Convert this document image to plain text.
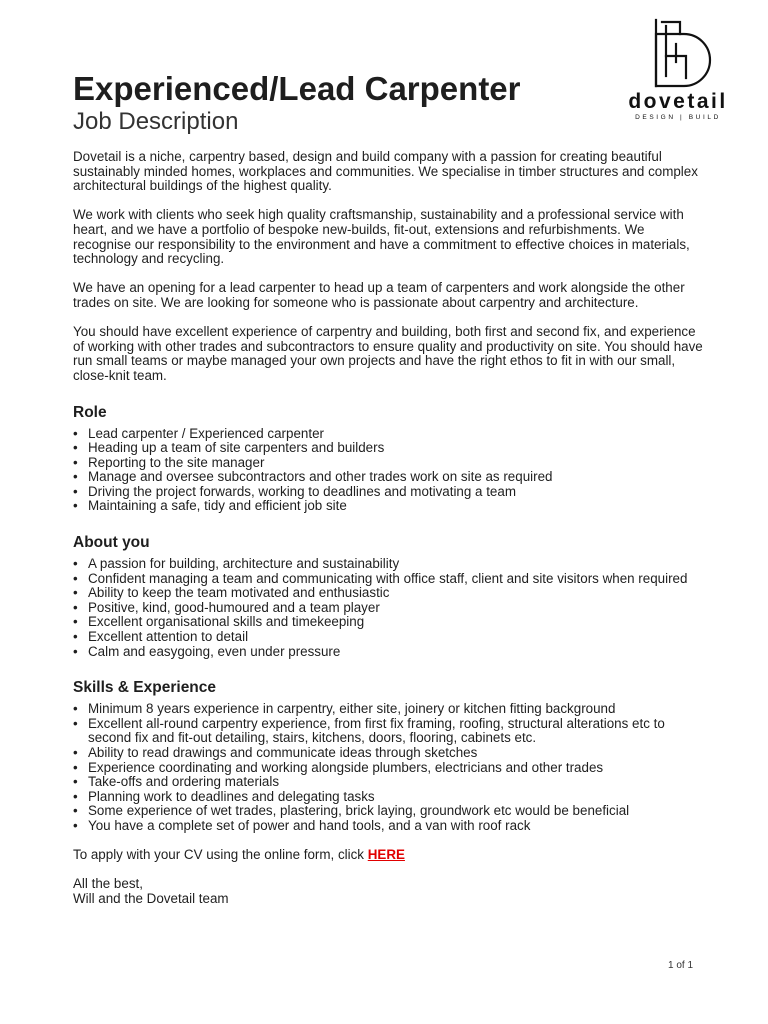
Experienced/Lead Carpenter
Job Description

Dovetail is a niche, carpentry based, design and build company with a passion for creating beautiful sustainably minded homes, workplaces and communities. We specialise in timber structures and complex architectural buildings of the highest quality.

We work with clients who seek high quality craftsmanship, sustainability and a professional service with heart, and we have a portfolio of bespoke new-builds, fit-out, extensions and refurbishments. We recognise our responsibility to the environment and have a commitment to effective choices in materials, technology and recycling.

We have an opening for a lead carpenter to head up a team of carpenters and work alongside the other trades on site. We are looking for someone who is passionate about carpentry and architecture.

You should have excellent experience of carpentry and building, both first and second fix, and experience of working with other trades and subcontractors to ensure quality and productivity on site. You should have run small teams or maybe managed your own projects and have the right ethos to fit in with our small, close-knit team.

Role
• Lead carpenter / Experienced carpenter
• Heading up a team of site carpenters and builders
• Reporting to the site manager
• Manage and oversee subcontractors and other trades work on site as required
• Driving the project forwards, working to deadlines and motivating a team
• Maintaining a safe, tidy and efficient job site
About you
• A passion for building, architecture and sustainability
• Confident managing a team and communicating with office staff, client and site visitors when required
• Ability to keep the team motivated and enthusiastic
• Positive, kind, good-humoured and a team player
• Excellent organisational skills and timekeeping
• Excellent attention to detail
• Calm and easygoing, even under pressure
Skills & Experience
• Minimum 8 years experience in carpentry, either site, joinery or kitchen fitting background
• Excellent all-round carpentry experience, from first fix framing, roofing, structural alterations etc to second fix and fit-out detailing, stairs, kitchens, doors, flooring, cabinets etc.
• Ability to read drawings and communicate ideas through sketches
• Experience coordinating and working alongside plumbers, electricians and other trades
• Take-offs and ordering materials
• Planning work to deadlines and delegating tasks
• Some experience of wet trades, plastering, brick laying, groundwork etc would be beneficial
• You have a complete set of power and hand tools, and a van with roof rack

To apply with your CV using the online form, click HERE

All the best,
Will and the Dovetail team
dovetail
DESIGN | BUILD
1 of 1
